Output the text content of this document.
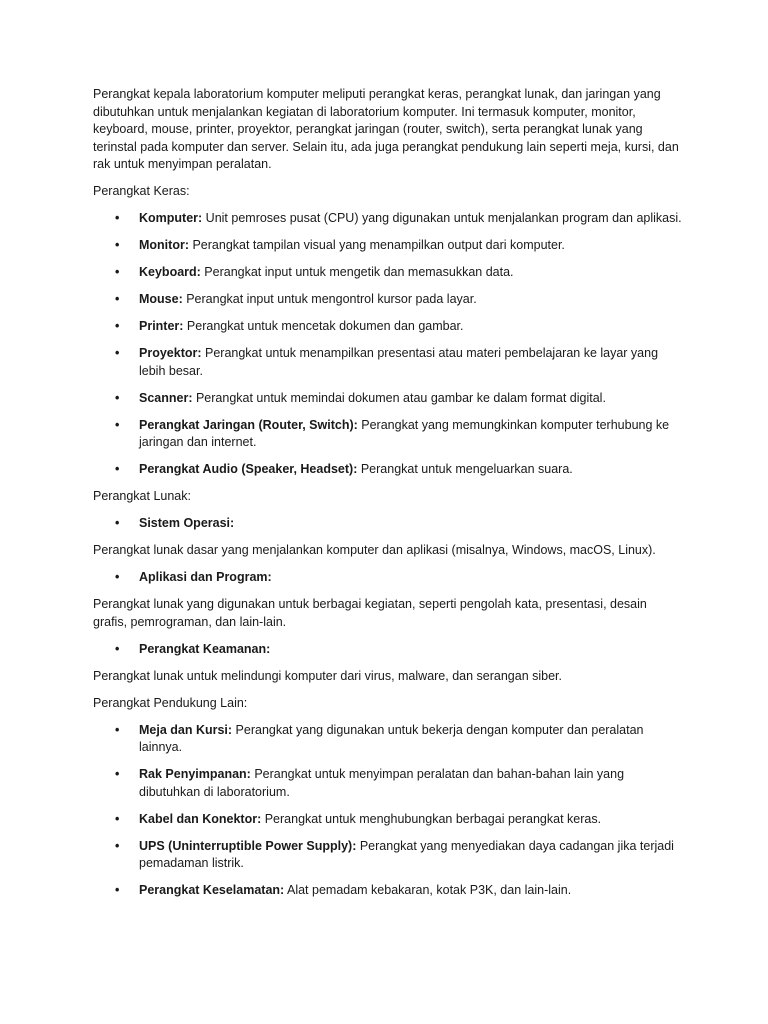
Perangkat kepala laboratorium komputer meliputi perangkat keras, perangkat lunak, dan jaringan yang dibutuhkan untuk menjalankan kegiatan di laboratorium komputer. Ini termasuk komputer, monitor, keyboard, mouse, printer, proyektor, perangkat jaringan (router, switch), serta perangkat lunak yang terinstal pada komputer dan server. Selain itu, ada juga perangkat pendukung lain seperti meja, kursi, dan rak untuk menyimpan peralatan.

Perangkat Keras:

• Komputer: Unit pemroses pusat (CPU) yang digunakan untuk menjalankan program dan aplikasi.
• Monitor: Perangkat tampilan visual yang menampilkan output dari komputer.
• Keyboard: Perangkat input untuk mengetik dan memasukkan data.
• Mouse: Perangkat input untuk mengontrol kursor pada layar.
• Printer: Perangkat untuk mencetak dokumen dan gambar.
• Proyektor: Perangkat untuk menampilkan presentasi atau materi pembelajaran ke layar yang lebih besar.
• Scanner: Perangkat untuk memindai dokumen atau gambar ke dalam format digital.
• Perangkat Jaringan (Router, Switch): Perangkat yang memungkinkan komputer terhubung ke jaringan dan internet.
• Perangkat Audio (Speaker, Headset): Perangkat untuk mengeluarkan suara.

Perangkat Lunak:

• Sistem Operasi:

Perangkat lunak dasar yang menjalankan komputer dan aplikasi (misalnya, Windows, macOS, Linux).

• Aplikasi dan Program:

Perangkat lunak yang digunakan untuk berbagai kegiatan, seperti pengolah kata, presentasi, desain grafis, pemrograman, dan lain-lain.

• Perangkat Keamanan:

Perangkat lunak untuk melindungi komputer dari virus, malware, dan serangan siber.

Perangkat Pendukung Lain:

• Meja dan Kursi: Perangkat yang digunakan untuk bekerja dengan komputer dan peralatan lainnya.
• Rak Penyimpanan: Perangkat untuk menyimpan peralatan dan bahan-bahan lain yang dibutuhkan di laboratorium.
• Kabel dan Konektor: Perangkat untuk menghubungkan berbagai perangkat keras.
• UPS (Uninterruptible Power Supply): Perangkat yang menyediakan daya cadangan jika terjadi pemadaman listrik.
• Perangkat Keselamatan: Alat pemadam kebakaran, kotak P3K, dan lain-lain.
